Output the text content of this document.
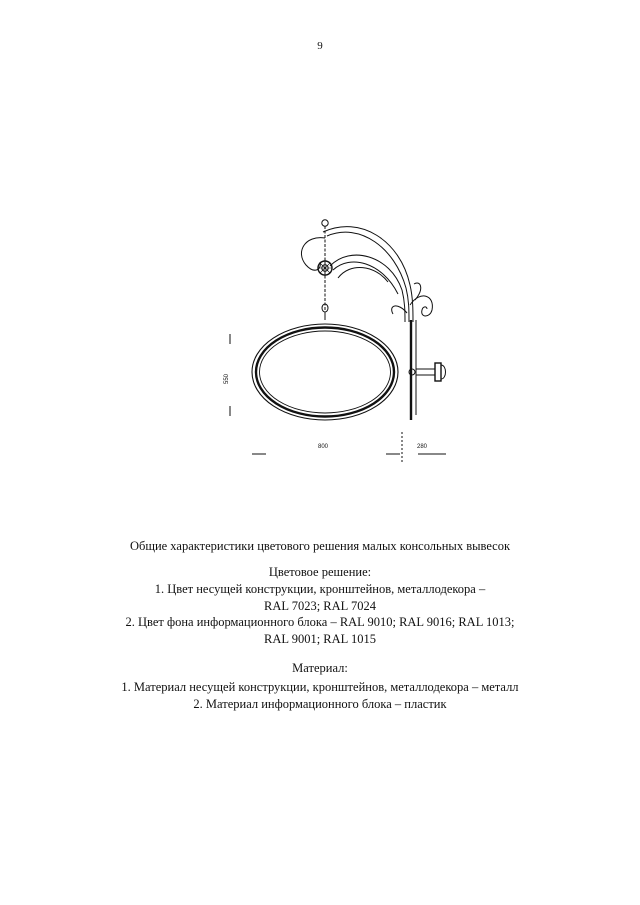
9
550
800	280
Общие характеристики цветового решения малых консольных вывесок
Цветовое решение:
1. Цвет несущей конструкции, кронштейнов, металлодекора –
RAL 7023; RAL 7024
2. Цвет фона информационного блока – RAL 9010; RAL 9016; RAL 1013;
RAL 9001; RAL 1015
Материал:
1. Материал несущей конструкции, кронштейнов, металлодекора – металл
2. Материал информационного блока – пластик
